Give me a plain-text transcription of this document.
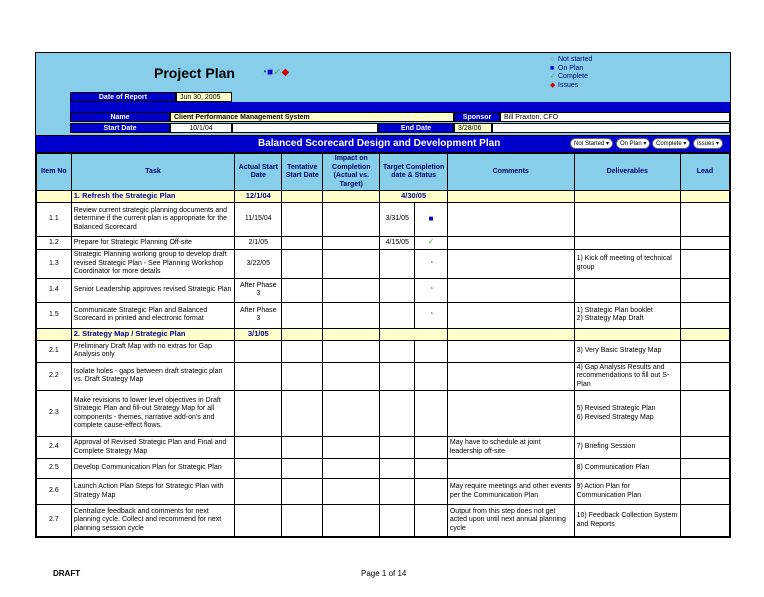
Project Plan	◔■✓◆
○ Not started
■ On Plan
✓ Complete
◆ Issues
Date of Report	Jun 30, 2005
Name	Client Performance Management System	Sponsor	Bill Praxton, CFO
Start Date	10/1/04	End Date	3/28/06
Balanced Scorecard Design and Development Plan	Not Started ▾	On Plan ▾	Complete ▾	Issues ▾
Item No	Task	Actual Start Date	Tentative Start Date	Impact on Completion (Actual vs. Target)	Target Completion date & Status		Comments	Deliverables	Lead
	1. Refresh the Strategic Plan	12/1/04			4/30/05				
1.1	Review current strategic planning documents and determine if the current plan is appropriate for the Balanced Scorecard	11/15/04			3/31/05	■			
1.2	Prepare for Strategic Planning Off-site	2/1/05			4/15/05	✓			
1.3	Strategic Planning working group to develop draft revised Strategic Plan - See Planning Workshop Coordinator for more details	3/22/05				◔		1) Kick off meeting of technical group	
1.4	Senior Leadership approves revised Strategic Plan	After Phase 3				◔			
1.5	Communicate Strategic Plan and Balanced Scorecard in printed and electronic format	After Phase 3				◔		1) Strategic Plan booklet
2) Strategy Map Draft	
	2. Strategy Map / Strategic Plan	3/1/05							
2.1	Preliminary Draft Map with no extras for Gap Analysis only							3) Very Basic Strategy Map	
2.2	Isolate holes - gaps between draft strategic plan vs. Draft Strategy Map							4) Gap Analysis Results and recommendations to fill out S-Plan	
2.3	Make revisions to lower level objectives in Draft Strategic Plan and fill-out Strategy Map for all components - themes, narrative add-on's and complete cause-effect flows.							5) Revised Strategic Plan
6) Revised Strategy Map	
2.4	Approval of Revised Strategic Plan and Final and Complete Strategy Map						May have to schedule at joint leadership off-site	7) Briefing Session	
2.5	Develop Communication Plan for Strategic Plan							8) Communication Plan	
2.6	Launch Action Plan Steps for Strategic Plan with Strategy Map						May require meetings and other events per the Communication Plan	9) Action Plan for Communication Plan	
2.7	Centralize feedback and comments for next planning cycle. Collect and recommend for next planning session cycle						Output from this step does not get acted upon until next annual planning cycle	10) Feedback Collection System and Reports	
DRAFT	Page 1 of 14
